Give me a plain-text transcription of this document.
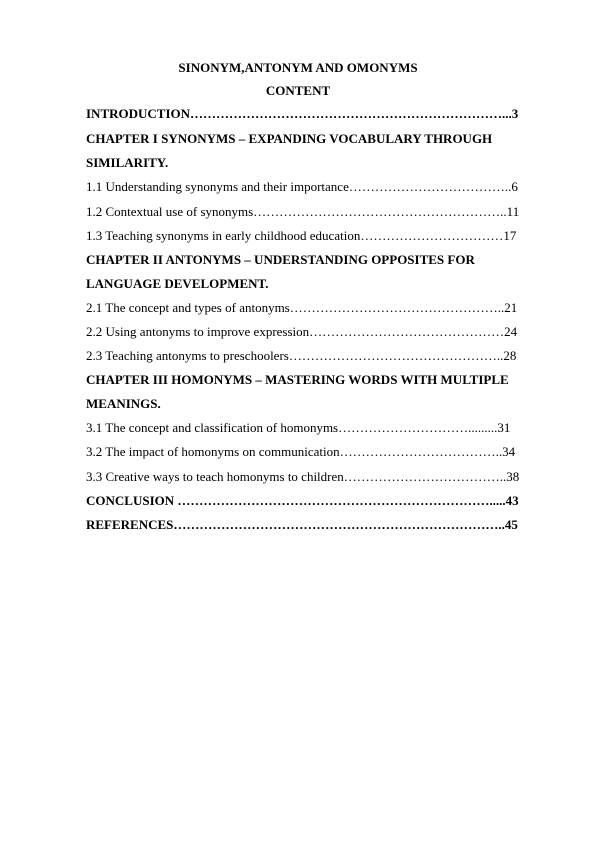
SINONYM,ANTONYM AND OMONYMS
CONTENT
INTRODUCTION………………………………………………………………...3
CHAPTER I SYNONYMS – EXPANDING VOCABULARY THROUGH
SIMILARITY.
1.1 Understanding synonyms and their importance………………………………..6
1.2 Contextual use of synonyms…………………………………………………..11
1.3 Teaching synonyms in early childhood education……………………………17
CHAPTER II ANTONYMS – UNDERSTANDING OPPOSITES FOR
LANGUAGE DEVELOPMENT.
2.1 The concept and types of antonyms…………………………………………..21
2.2 Using antonyms to improve expression………………………………………24
2.3 Teaching antonyms to preschoolers…………………………………………..28
CHAPTER III HOMONYMS – MASTERING WORDS WITH MULTIPLE
MEANINGS.
3.1 The concept and classification of homonyms………………………….........31
3.2 The impact of homonyms on communication………………………………..34
3.3 Creative ways to teach homonyms to children………………………………..38
CONCLUSION ……………………………………………………………….....43
REFERENCES…………………………………………………………………..45
